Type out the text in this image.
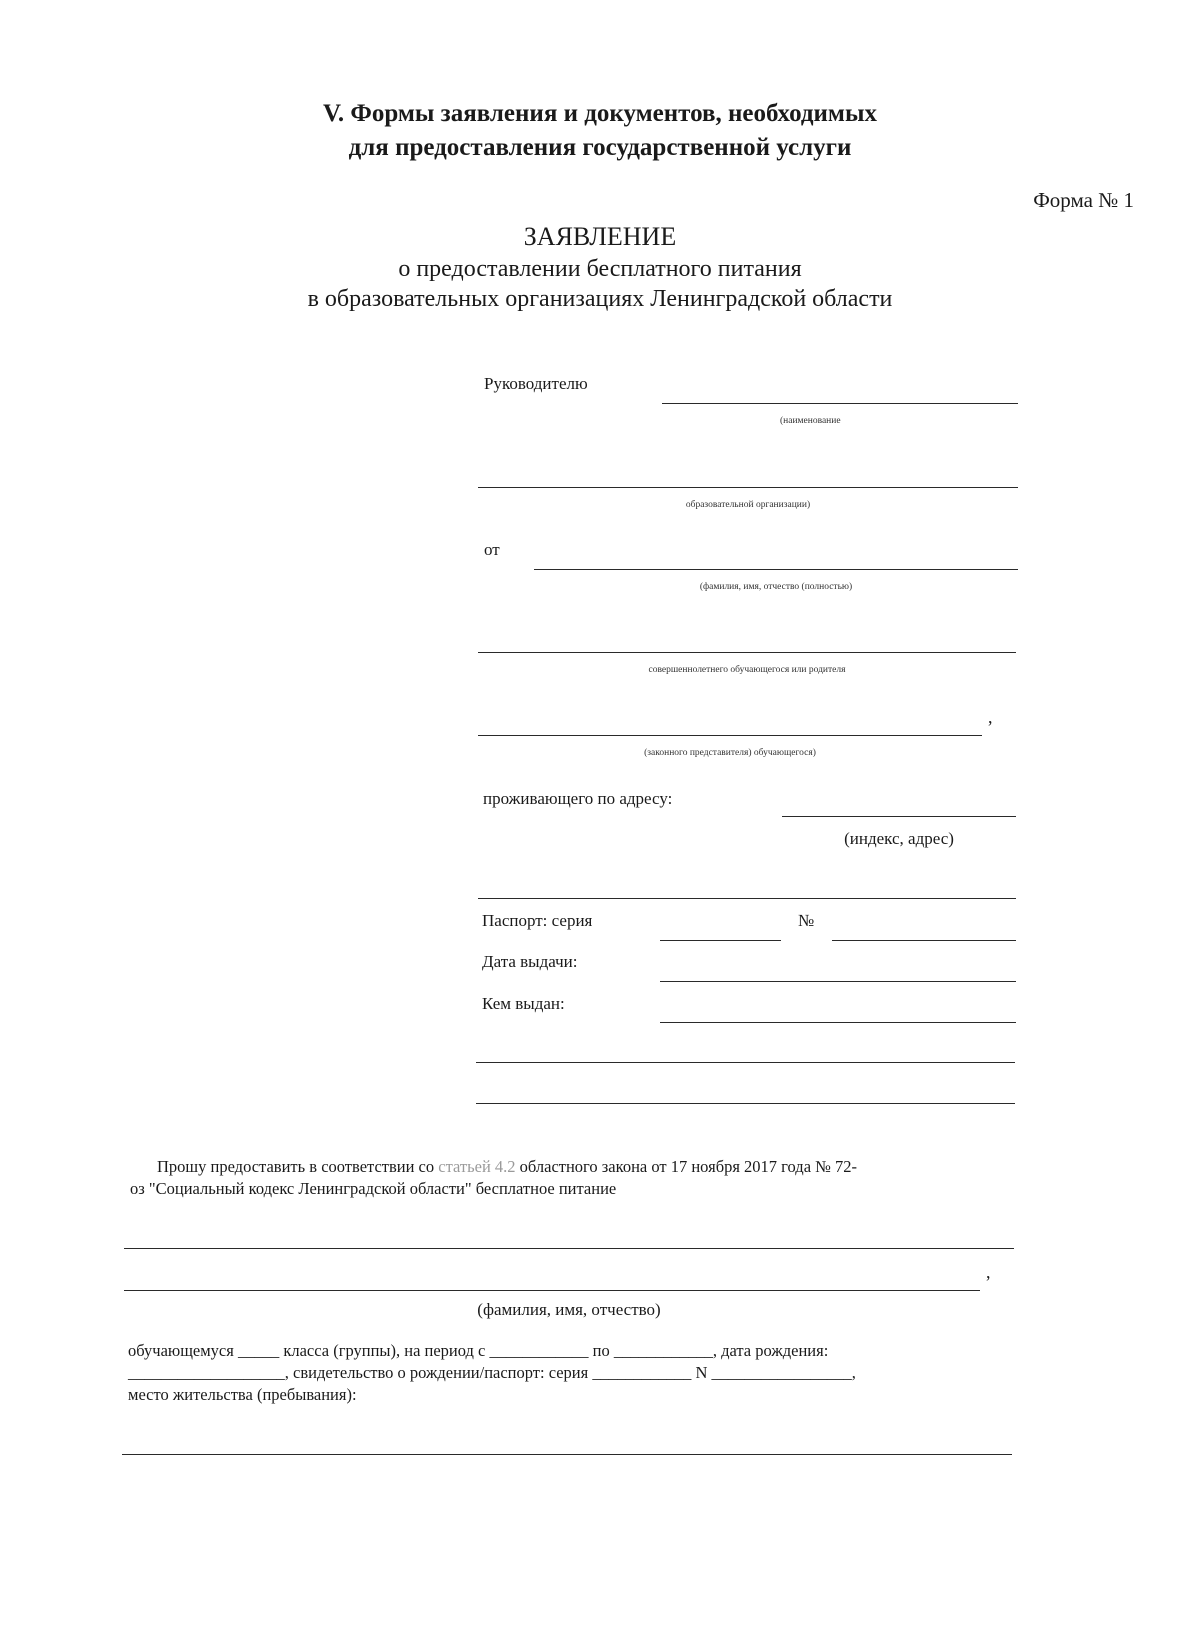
V. Формы заявления и документов, необходимых
для предоставления государственной услуги
Форма № 1
ЗАЯВЛЕНИЕ
о предоставлении бесплатного питания
в образовательных организациях Ленинградской области
Руководителю
(наименование
образовательной организации)
от
(фамилия, имя, отчество (полностью)
совершеннолетнего обучающегося или родителя
,
(законного представителя) обучающегося)
проживающего по адресу:
(индекс, адрес)
Паспорт: серия	№
Дата выдачи:
Кем выдан:
Прошу предоставить в соответствии со статьей 4.2 областного закона от 17 ноября 2017 года № 72-
оз "Социальный кодекс Ленинградской области" бесплатное питание
,
(фамилия, имя, отчество)
обучающемуся _____ класса (группы), на период с ____________ по ____________, дата рождения:
___________________, свидетельство о рождении/паспорт: серия ____________ N _________________,
место жительства (пребывания):
